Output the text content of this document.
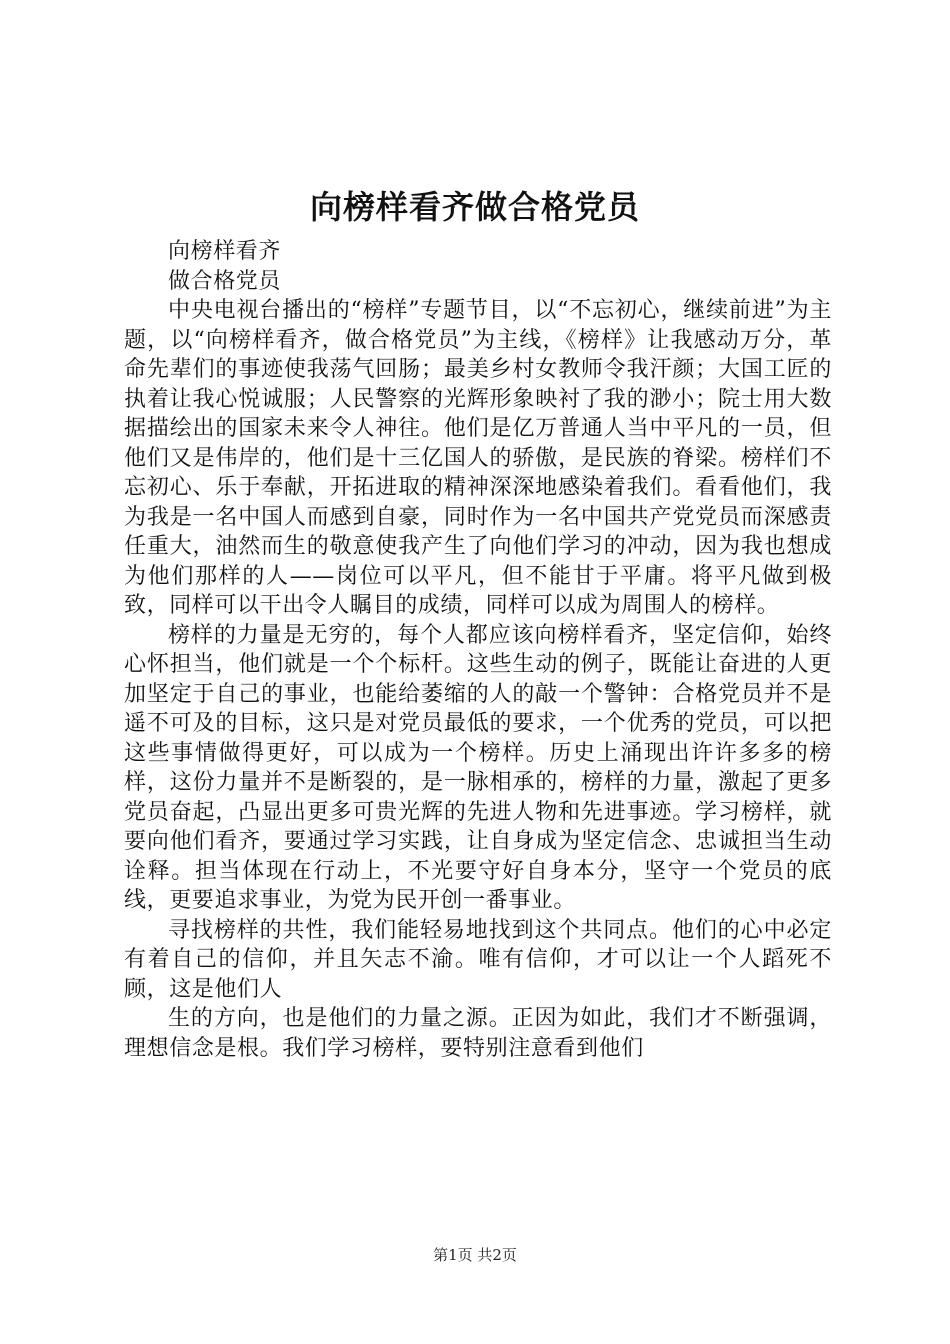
向榜样看齐做合格党员

向榜样看齐

做合格党员

中央电视台播出的“榜样”专题节目，以“不忘初心，继续前进”为主题，以“向榜样看齐，做合格党员”为主线，《榜样》让我感动万分，革命先辈们的事迹使我荡气回肠；最美乡村女教师令我汗颜；大国工匠的执着让我心悦诚服；人民警察的光辉形象映衬了我的渺小；院士用大数据描绘出的国家未来令人神往。他们是亿万普通人当中平凡的一员，但他们又是伟岸的，他们是十三亿国人的骄傲，是民族的脊梁。榜样们不忘初心、乐于奉献，开拓进取的精神深深地感染着我们。看看他们，我为我是一名中国人而感到自豪，同时作为一名中国共产党党员而深感责任重大，油然而生的敬意使我产生了向他们学习的冲动，因为我也想成为他们那样的人——岗位可以平凡，但不能甘于平庸。将平凡做到极致，同样可以干出令人瞩目的成绩，同样可以成为周围人的榜样。

榜样的力量是无穷的，每个人都应该向榜样看齐，坚定信仰，始终心怀担当，他们就是一个个标杆。这些生动的例子，既能让奋进的人更加坚定于自己的事业，也能给萎缩的人的敲一个警钟：合格党员并不是遥不可及的目标，这只是对党员最低的要求，一个优秀的党员，可以把这些事情做得更好，可以成为一个榜样。历史上涌现出许许多多的榜样，这份力量并不是断裂的，是一脉相承的，榜样的力量，激起了更多党员奋起，凸显出更多可贵光辉的先进人物和先进事迹。学习榜样，就要向他们看齐，要通过学习实践，让自身成为坚定信念、忠诚担当生动诠释。担当体现在行动上，不光要守好自身本分，坚守一个党员的底线，更要追求事业，为党为民开创一番事业。

寻找榜样的共性，我们能轻易地找到这个共同点。他们的心中必定有着自己的信仰，并且矢志不渝。唯有信仰，才可以让一个人蹈死不顾，这是他们人

生的方向，也是他们的力量之源。正因为如此，我们才不断强调，理想信念是根。我们学习榜样，要特别注意看到他们

第1页 共2页
